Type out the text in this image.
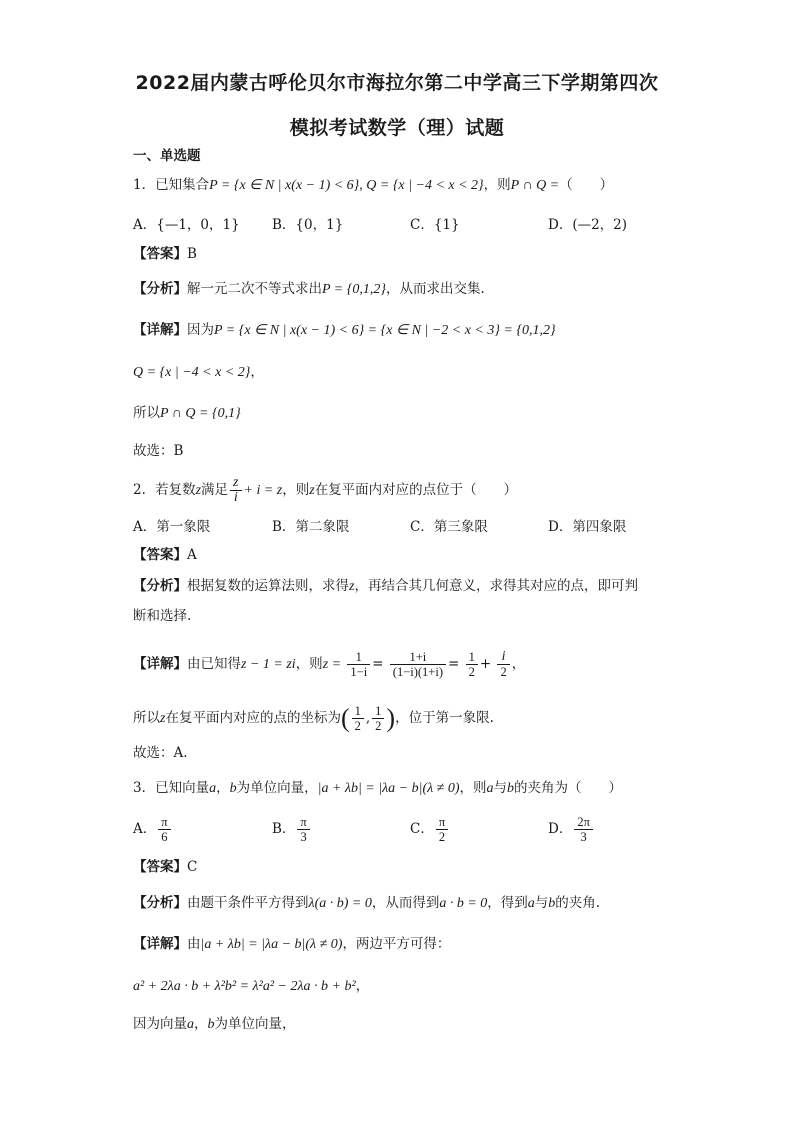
2022届内蒙古呼伦贝尔市海拉尔第二中学高三下学期第四次
模拟考试数学（理）试题
一、单选题
1．已知集合P = {x ∈ N | x(x − 1) < 6}, Q = {x | −4 < x < 2}，则P ∩ Q =（　　）
A．{—1，0，1} B．{0，1}	C．{1}	D．(—2，2)
【答案】B
【分析】解一元二次不等式求出P = {0,1,2}，从而求出交集.
【详解】因为P = {x ∈ N | x(x − 1) < 6} = {x ∈ N | −2 < x < 3} = {0,1,2}
Q = {x | −4 < x < 2}，
所以P ∩ Q = {0,1}
故选：B
2．若复数z满足 $\frac{z}{i} + i = z$，则z在复平面内对应的点位于（　　）
A．第一象限	B．第二象限	C．第三象限	D．第四象限
【答案】A
【分析】根据复数的运算法则，求得z，再结合其几何意义，求得其对应的点，即可判
断和选择.
【详解】由已知得z − 1 = zi，则$z = \frac{1}{1-i} = \frac{1+i}{(1-i)(1+i)} = \frac{1}{2} + \frac{i}{2}$ ，
所以z在复平面内对应的点的坐标为( $\frac{1}{2}$ , $\frac{1}{2}$ )，位于第一象限.
故选：A.
3．已知向量a，b为单位向量，|a + λb| = |λa − b|(λ ≠ 0)，则a与b的夹角为（　　）
A． $\frac{\pi}{6}$	B． $\frac{\pi}{3}$	C． $\frac{\pi}{2}$	D． $\frac{2\pi}{3}$
【答案】C
【分析】由题干条件平方得到λ(a · b) = 0，从而得到a · b = 0，得到a与b的夹角.
【详解】由|a + λb| = |λa − b|(λ ≠ 0)，两边平方可得：
a² + 2λa · b + λ²b² = λ²a² − 2λa · b + b²，
因为向量a，b为单位向量，
